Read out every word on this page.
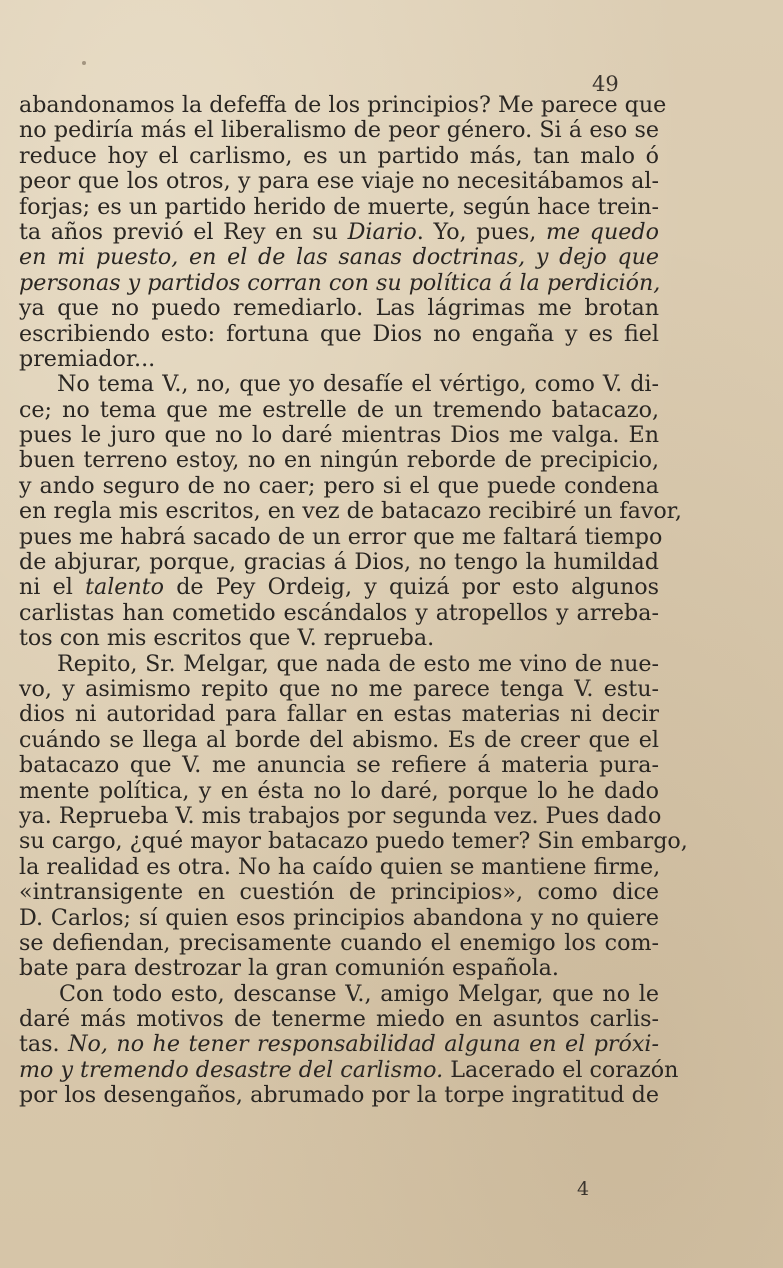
49
abandonamos la defeﬀa de los principios? Me parece que
no pediría más el liberalismo de peor género. Si á eso se
reduce hoy el carlismo, es un partido más, tan malo ó
peor que los otros, y para ese viaje no necesitábamos al-
forjas; es un partido herido de muerte, según hace trein-
ta años previó el Rey en su Diario. Yo, pues, me quedo
en mi puesto, en el de las sanas doctrinas, y dejo que
personas y partidos corran con su política á la perdición,
ya que no puedo remediarlo. Las lágrimas me brotan
escribiendo esto: fortuna que Dios no engaña y es fiel
premiador...
No tema V., no, que yo desafíe el vértigo, como V. di-
ce; no tema que me estrelle de un tremendo batacazo,
pues le juro que no lo daré mientras Dios me valga. En
buen terreno estoy, no en ningún reborde de precipicio,
y ando seguro de no caer; pero si el que puede condena
en regla mis escritos, en vez de batacazo recibiré un favor,
pues me habrá sacado de un error que me faltará tiempo
de abjurar, porque, gracias á Dios, no tengo la humildad
ni el talento de Pey Ordeig, y quizá por esto algunos
carlistas han cometido escándalos y atropellos y arreba-
tos con mis escritos que V. reprueba.
Repito, Sr. Melgar, que nada de esto me vino de nue-
vo, y asimismo repito que no me parece tenga V. estu-
dios ni autoridad para fallar en estas materias ni decir
cuándo se llega al borde del abismo. Es de creer que el
batacazo que V. me anuncia se refiere á materia pura-
mente política, y en ésta no lo daré, porque lo he dado
ya. Reprueba V. mis trabajos por segunda vez. Pues dado
su cargo, ¿qué mayor batacazo puedo temer? Sin embargo,
la realidad es otra. No ha caído quien se mantiene firme,
«intransigente en cuestión de principios», como dice
D. Carlos; sí quien esos principios abandona y no quiere
se defiendan, precisamente cuando el enemigo los com-
bate para destrozar la gran comunión española.
Con todo esto, descanse V., amigo Melgar, que no le
daré más motivos de tenerme miedo en asuntos carlis-
tas. No, no he tener responsabilidad alguna en el próxi-
mo y tremendo desastre del carlismo. Lacerado el corazón
por los desengaños, abrumado por la torpe ingratitud de
4
